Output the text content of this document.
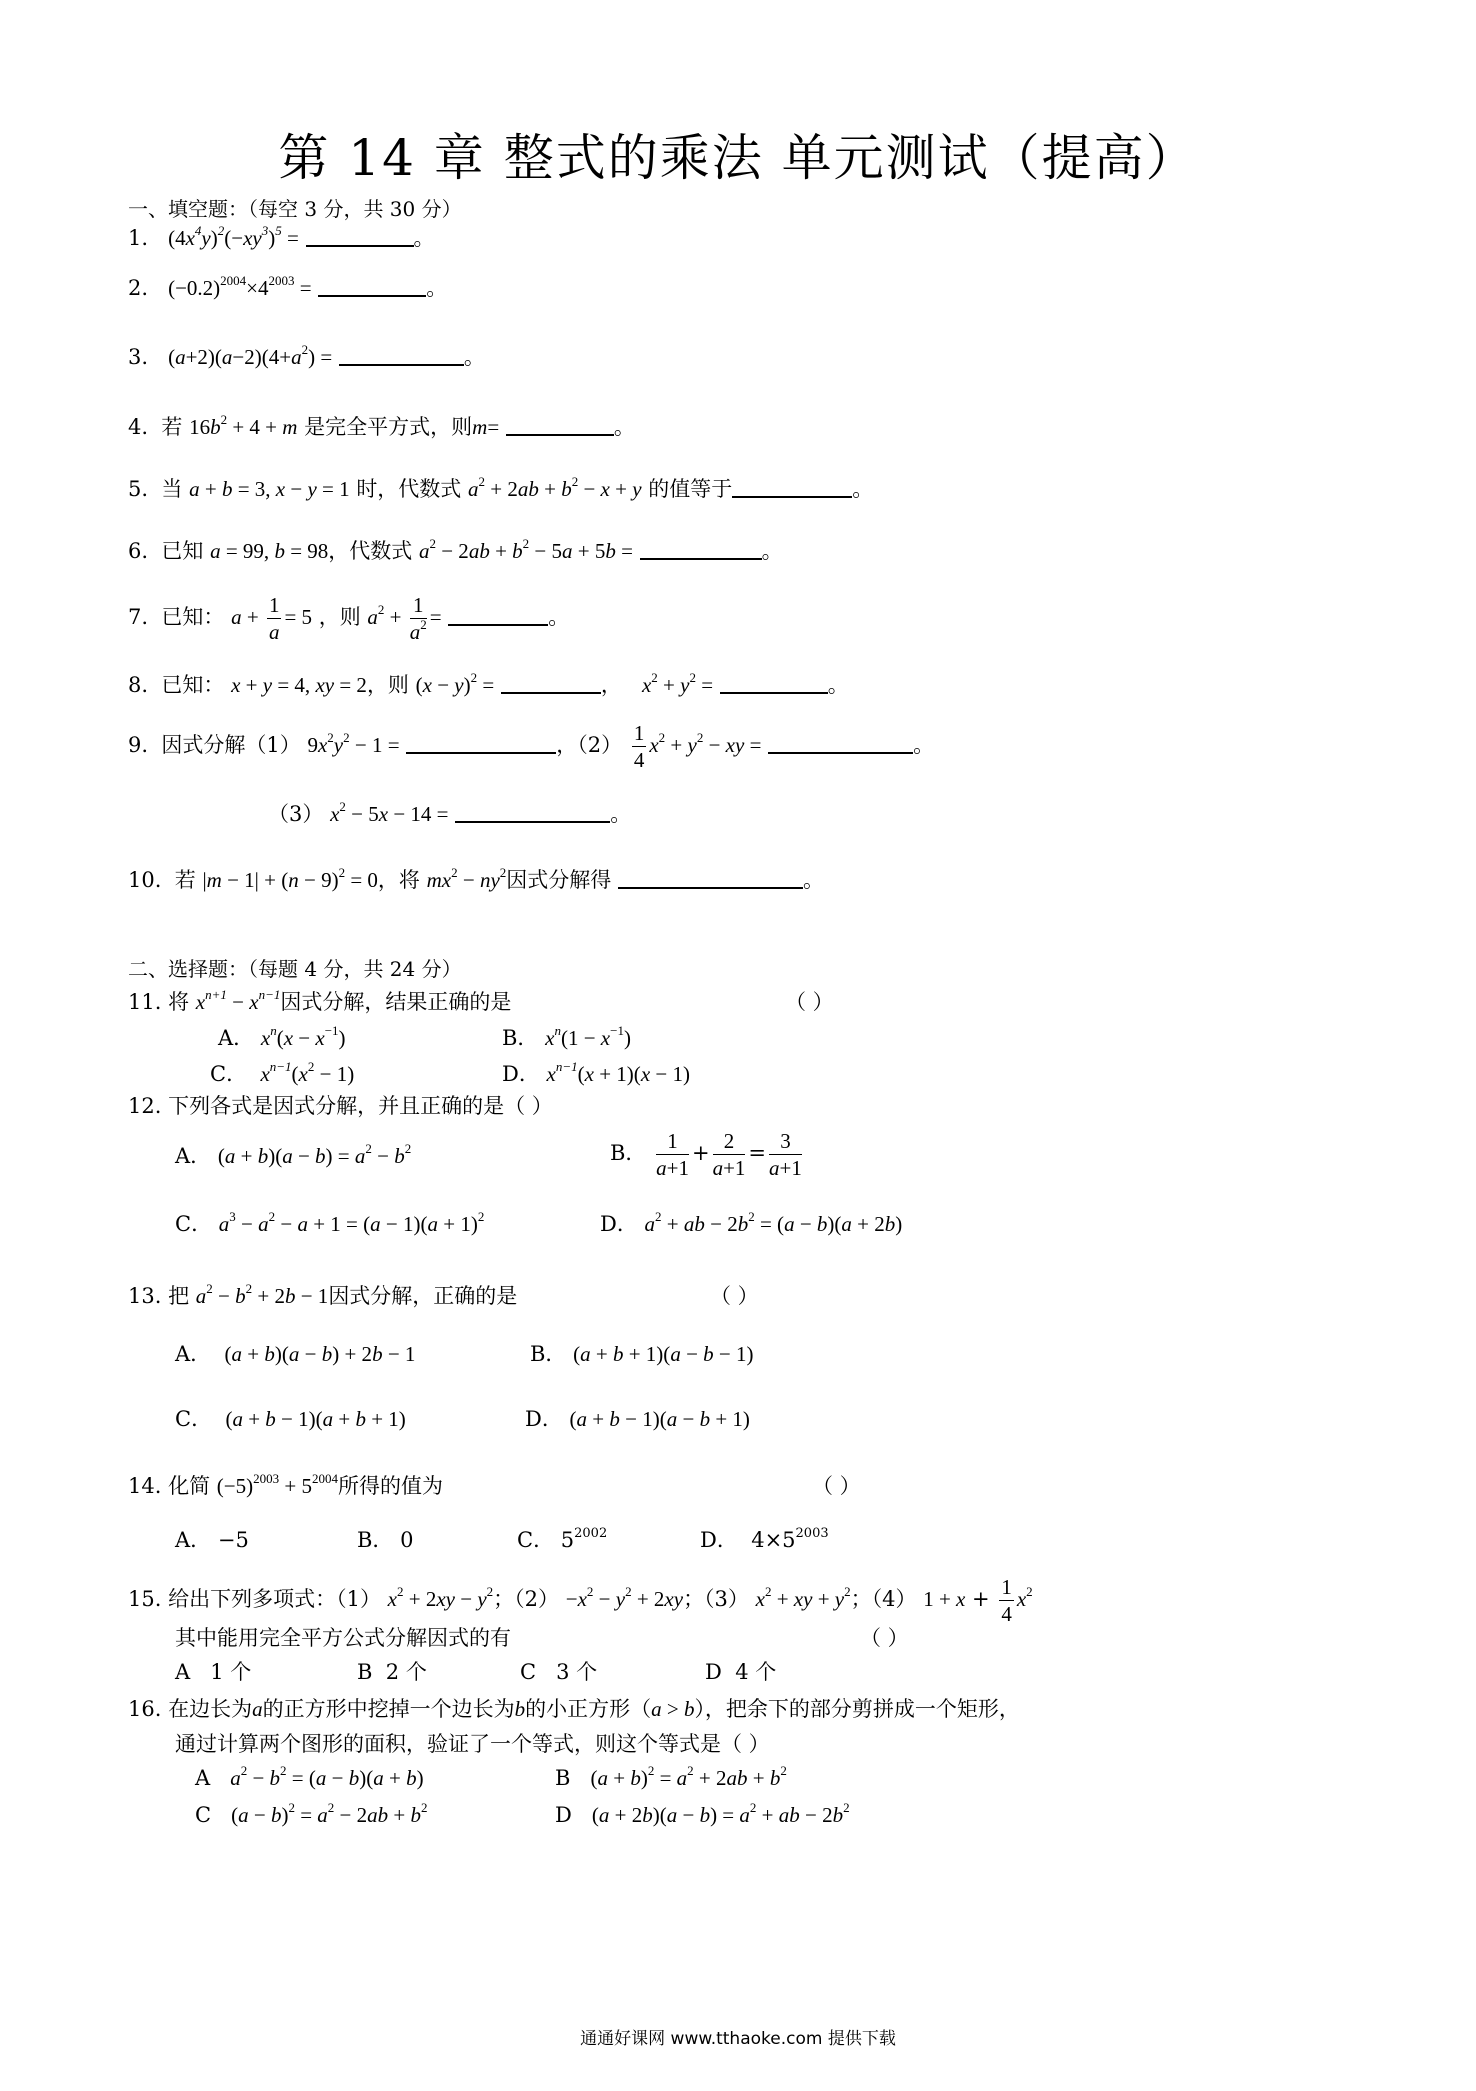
第 14 章 整式的乘法 单元测试（提高）
一、填空题：（每空 3 分，共 30 分）
1. $(4x^4y)^2(-xy^3)^5$ =	。
2. $(-0.2)^{2004}\times 4^{2003}$ =	。
3. $(a+2)(a-2)(4+a^2)$ =	。
4. 若 $16b^2 + 4 + m$ 是完全平方式，则m=	。
5. 当 a + b = 3, x − y = 1 时，代数式 $a^2 + 2ab + b^2 - x + y$ 的值等于	。
6. 已知 a = 99, b = 98，代数式 $a^2 - 2ab + b^2 - 5a + 5b$ =	。
7. 已知： $a + \frac{1}{a} = 5$ ，则 $a^2 + \frac{1}{a^2}$ =	。
8. 已知： x + y = 4, xy = 2，则 $(x - y)^2$ =	， $x^2 + y^2$ =	。
9. 因式分解（1） $9x^2y^2 - 1$ =	，$(2) \frac{1}{4} x^2 + y^2$ − xy =	。
（3） $x^2 - 5x - 14$ =	。
10. 若 $|m - 1| + (n - 9)^2 = 0$，将 $mx^2 - ny^2$因式分解得	。
二、选择题：（每题 4 分，共 24 分）
11. 将 $x^{n+1} - x^{n-1}$因式分解，结果正确的是	（ ）
A． $x^n(x - x^{-1})$	B． $x^n(1 - x^{-1})$
C． $x^{n-1}(x^2 - 1)$	D． $x^{n-1}(x + 1)(x - 1)$
12. 下列各式是因式分解，并且正确的是（ ）
A． $(a + b)(a - b) = a^2 - b^2$	B． $\frac{1}{a+1} + \frac{2}{a+1} = \frac{3}{a+1}$
C． $a^3 - a^2 - a + 1 = (a - 1)(a + 1)^2$	D． $a^2$ + ab − $2b^2 = (a - b)(a + 2b)$
13. 把 $a^2 - b^2 + 2b - 1$因式分解，正确的是	（ ）
A． (a + b)(a − b) + 2b − 1	B． (a + b + 1)(a − b − 1)
C． (a + b − 1)(a + b + 1)	D． (a + b − 1)(a − b + 1)
14. 化简 $(-5)^{2003} + 5^{2004}$所得的值为	（ ）
A． −5	B． 0	C． $5^{2002}$	D． $4\times 5^{2003}$
15. 给出下列多项式：（1） $x^2 + 2xy - y^2$；$(2) -x^2 - y^2 + 2xy$；（3） $x^2$ + xy + $y^2$；（4） $1 + x + \frac{1}{4} x^2$
其中能用完全平方公式分解因式的有	（ ）
A 1 个	B 2 个	C 3 个	D 4 个
16. 在边长为a的正方形中挖掉一个边长为b的小正方形（a > b），把余下的部分剪拼成一个矩形，
通过计算两个图形的面积，验证了一个等式，则这个等式是（ ）
A $a^2 - b^2 = (a - b)(a + b)$	B $(a + b)^2 = a^2 + 2ab + b^2$
C $(a - b)^2 = a^2 - 2ab + b^2$	D $(a + 2b)(a - b) = a^2$ + ab − $2b^2$
通通好课网 www.tthaoke.com 提供下载
